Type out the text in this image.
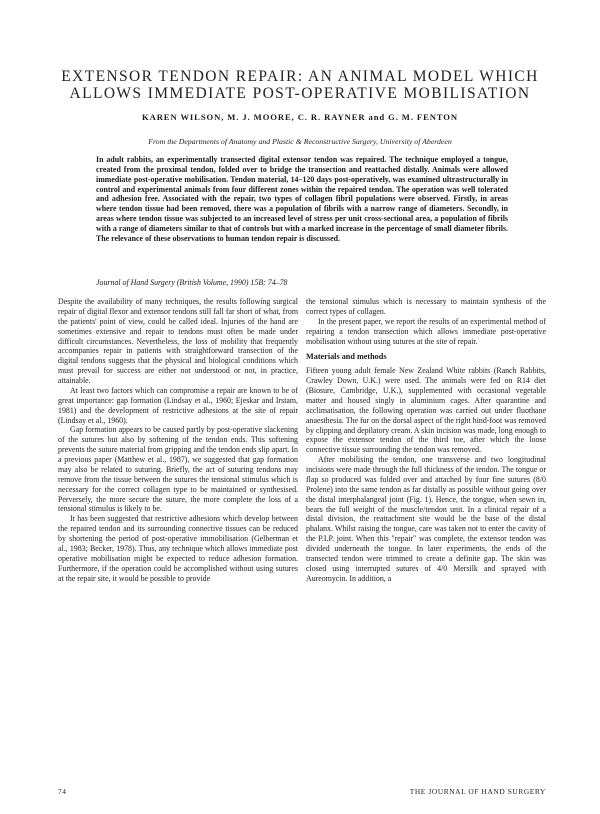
EXTENSOR TENDON REPAIR: AN ANIMAL MODEL WHICH ALLOWS IMMEDIATE POST-OPERATIVE MOBILISATION
KAREN WILSON, M. J. MOORE, C. R. RAYNER and G. M. FENTON
From the Departments of Anatomy and Plastic & Reconstructive Surgery, University of Aberdeen

In adult rabbits, an experimentally transected digital extensor tendon was repaired. The technique employed a tongue, created from the proximal tendon, folded over to bridge the transection and reattached distally. Animals were allowed immediate post-operative mobilisation. Tendon material, 14–120 days post-operatively, was examined ultrastructurally in control and experimental animals from four different zones within the repaired tendon. The operation was well tolerated and adhesion free. Associated with the repair, two types of collagen fibril populations were observed. Firstly, in areas where tendon tissue had been removed, there was a population of fibrils with a narrow range of diameters. Secondly, in areas where tendon tissue was subjected to an increased level of stress per unit cross-sectional area, a population of fibrils with a range of diameters similar to that of controls but with a marked increase in the percentage of small diameter fibrils. The relevance of these observations to human tendon repair is discussed.

Journal of Hand Surgery (British Volume, 1990) 15B: 74–78

Despite the availability of many techniques, the results following surgical repair of digital flexor and extensor tendons still fall far short of what, from the patients' point of view, could be called ideal. Injuries of the hand are sometimes extensive and repair to tendons must often be made under difficult circumstances. Nevertheless, the loss of mobility that frequently accompanies repair in patients with straightforward transection of the digital tendons suggests that the physical and biological conditions which must prevail for success are either not understood or not, in practice, attainable.

At least two factors which can compromise a repair are known to be of great importance: gap formation (Lindsay et al., 1960; Ejeskar and Irstam, 1981) and the development of restrictive adhesions at the site of repair (Lindsay et al., 1960).

Gap formation appears to be caused partly by post-operative slackening of the sutures but also by softening of the tendon ends. This softening prevents the suture material from gripping and the tendon ends slip apart. In a previous paper (Matthew et al., 1987), we suggested that gap formation may also be related to suturing. Briefly, the act of suturing tendons may remove from the tissue between the sutures the tensional stimulus which is necessary for the correct collagen type to be maintained or synthesised. Perversely, the more secure the suture, the more complete the loss of a tensional stimulus is likely to be.

It has been suggested that restrictive adhesions which develop between the repaired tendon and its surrounding connective tissues can be reduced by shortening the period of post-operative immobilisation (Gelberman et al., 1983; Becker, 1978). Thus, any technique which allows immediate post operative mobilisation might be expected to reduce adhesion formation. Furthermore, if the operation could be accomplished without using sutures at the repair site, it would be possible to provide

the tensional stimulus which is necessary to maintain synthesis of the correct types of collagen.

In the present paper, we report the results of an experimental method of repairing a tendon transection which allows immediate post-operative mobilisation without using sutures at the site of repair.

Materials and methods

Fifteen young adult female New Zealand White rabbits (Ranch Rabbits, Crawley Down, U.K.) were used. The animals were fed on R14 diet (Biosure, Cambridge, U.K.), supplemented with occasional vegetable matter and housed singly in aluminium cages. After quarantine and acclimatisation, the following operation was carried out under fluothane anaesthesia. The fur on the dorsal aspect of the right hind-foot was removed by clipping and depilatory cream. A skin incision was made, long enough to expose the extensor tendon of the third toe, after which the loose connective tissue surrounding the tendon was removed.

After mobilising the tendon, one transverse and two longitudinal incisions were made through the full thickness of the tendon. The tongue or flap so produced was folded over and attached by four fine sutures (8/0 Prolene) into the same tendon as far distally as possible without going over the distal interphalangeal joint (Fig. 1). Hence, the tongue, when sewn in, bears the full weight of the muscle/tendon unit. In a clinical repair of a distal division, the reattachment site would be the base of the distal phalanx. Whilst raising the tongue, care was taken not to enter the cavity of the P.I.P. joint. When this "repair" was complete, the extensor tendon was divided underneath the tongue. In later experiments, the ends of the transected tendon were trimmed to create a definite gap. The skin was closed using interrupted sutures of 4/0 Mersilk and sprayed with Aureomycin. In addition, a

74	THE JOURNAL OF HAND SURGERY
